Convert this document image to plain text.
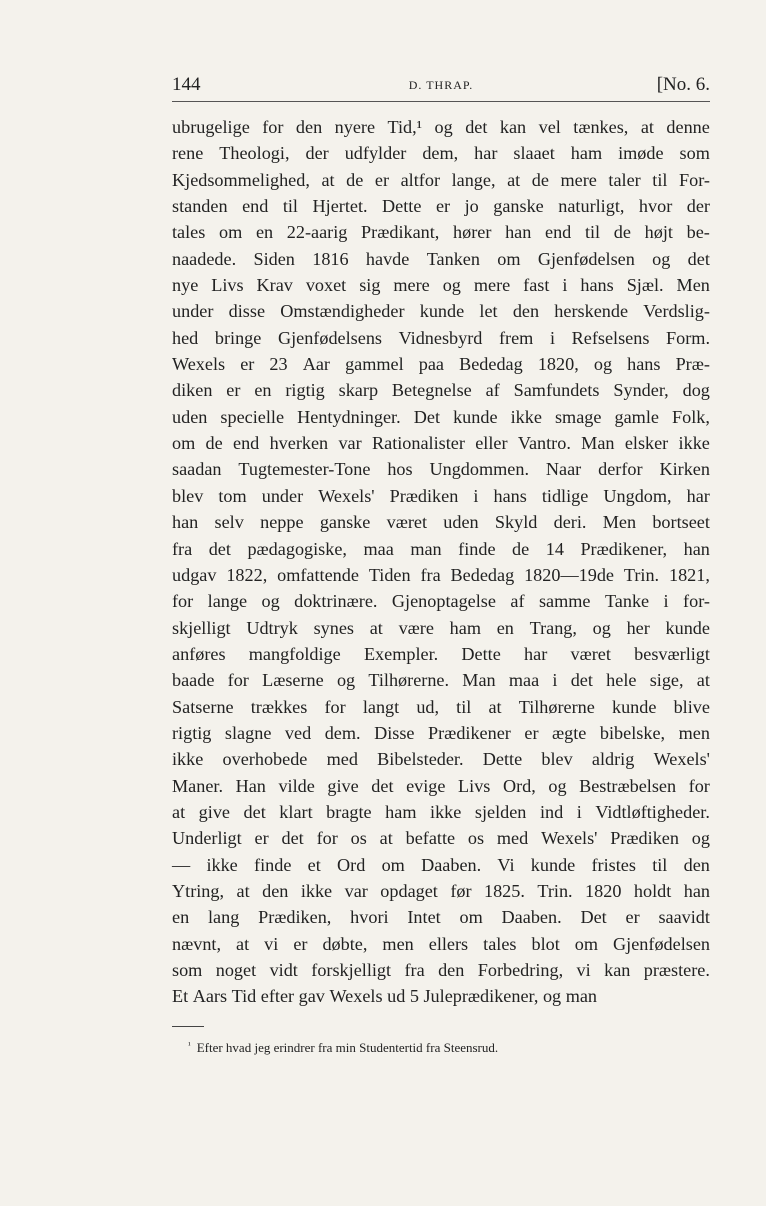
144	D. THRAP.	[No. 6.
ubrugelige for den nyere Tid,¹ og det kan vel tænkes, at denne
rene Theologi, der udfylder dem, har slaaet ham imøde som
Kjedsommelighed, at de er altfor lange, at de mere taler til For-
standen end til Hjertet. Dette er jo ganske naturligt, hvor der
tales om en 22-aarig Prædikant, hører han end til de højt be-
naadede. Siden 1816 havde Tanken om Gjenfødelsen og det
nye Livs Krav voxet sig mere og mere fast i hans Sjæl. Men
under disse Omstændigheder kunde let den herskende Verdslig-
hed bringe Gjenfødelsens Vidnesbyrd frem i Refselsens Form.
Wexels er 23 Aar gammel paa Bededag 1820, og hans Præ-
diken er en rigtig skarp Betegnelse af Samfundets Synder, dog
uden specielle Hentydninger. Det kunde ikke smage gamle Folk,
om de end hverken var Rationalister eller Vantro. Man elsker ikke
saadan Tugtemester-Tone hos Ungdommen. Naar derfor Kirken
blev tom under Wexels' Prædiken i hans tidlige Ungdom, har
han selv neppe ganske været uden Skyld deri. Men bortseet
fra det pædagogiske, maa man finde de 14 Prædikener, han
udgav 1822, omfattende Tiden fra Bededag 1820—19de Trin. 1821,
for lange og doktrinære. Gjenoptagelse af samme Tanke i for-
skjelligt Udtryk synes at være ham en Trang, og her kunde
anføres mangfoldige Exempler. Dette har været besværligt
baade for Læserne og Tilhørerne. Man maa i det hele sige, at
Satserne trækkes for langt ud, til at Tilhørerne kunde blive
rigtig slagne ved dem. Disse Prædikener er ægte bibelske, men
ikke overhobede med Bibelsteder. Dette blev aldrig Wexels'
Maner. Han vilde give det evige Livs Ord, og Bestræbelsen for
at give det klart bragte ham ikke sjelden ind i Vidtløftigheder.
Underligt er det for os at befatte os med Wexels' Prædiken og
— ikke finde et Ord om Daaben. Vi kunde fristes til den
Ytring, at den ikke var opdaget før 1825. Trin. 1820 holdt han
en lang Prædiken, hvori Intet om Daaben. Det er saavidt
nævnt, at vi er døbte, men ellers tales blot om Gjenfødelsen
som noget vidt forskjelligt fra den Forbedring, vi kan præstere.
Et Aars Tid efter gav Wexels ud 5 Juleprædikener, og man
$^{^1}$ Efter hvad jeg erindrer fra min Studentertid fra Steensrud.
